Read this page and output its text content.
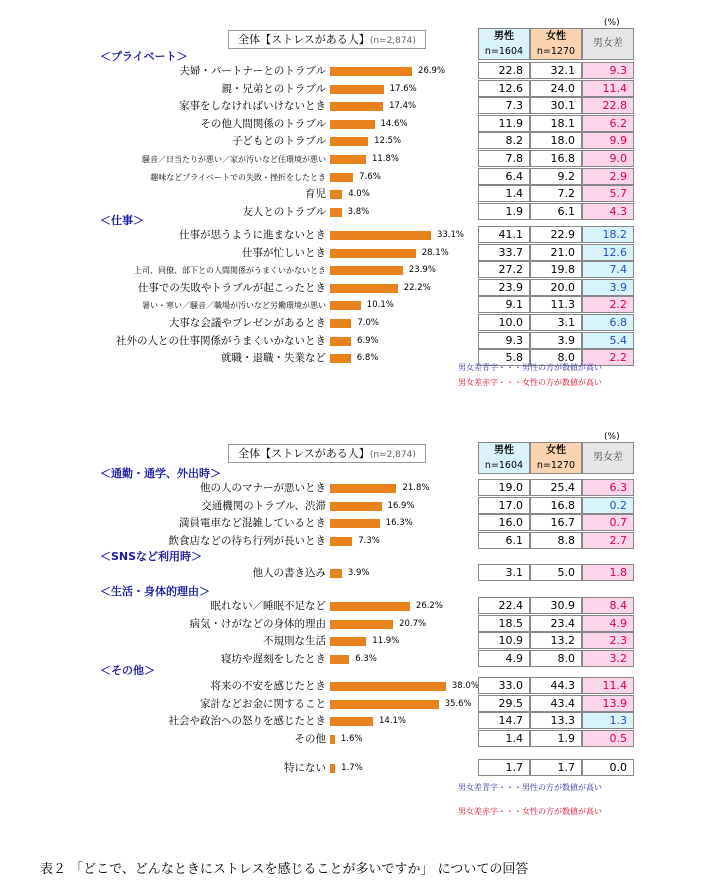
(%)
全体【ストレスがある人】(n=2,874)	男性
n=1604
女性
n=1270
男女差
＜プライベート＞
夫婦・パートナーとのトラブル	26.9%	22.8	32.1	9.3
親・兄弟とのトラブル	17.6%	12.6	24.0	11.4
家事をしなければいけないとき	17.4%	7.3	30.1	22.8
その他人間関係のトラブル	14.6%	11.9	18.1	6.2
子どもとのトラブル	12.5%	8.2	18.0	9.9
騒音／日当たりが悪い／家が汚いなど住環境が悪い	11.8%	7.8	16.8	9.0
趣味などプライベートでの失敗・挫折をしたとき	7.6%	6.4	9.2	2.9
育児	4.0%	1.4	7.2	5.7
友人とのトラブル	3.8%	1.9	6.1	4.3
＜仕事＞
仕事が思うように進まないとき	33.1%	41.1	22.9	18.2
仕事が忙しいとき	28.1%	33.7	21.0	12.6
上司、同僚、部下との人間関係がうまくいかないとき	23.9%	27.2	19.8	7.4
仕事での失敗やトラブルが起こったとき	22.2%	23.9	20.0	3.9
暑い・寒い／騒音／職場が汚いなど労働環境が悪い	10.1%	9.1	11.3	2.2
大事な会議やプレゼンがあるとき	7.0%	10.0	3.1	6.8
社外の人との仕事関係がうまくいかないとき	6.9%	9.3	3.9	5.4
就職・退職・失業など	6.8%	5.8	8.0	2.2
男女差青字・・・男性の方が数値が高い
男女差赤字・・・女性の方が数値が高い
(%)
全体【ストレスがある人】(n=2,874)	男性
n=1604
女性
n=1270
男女差
＜通勤・通学、外出時＞
他の人のマナーが悪いとき	21.8%	19.0	25.4	6.3
交通機関のトラブル、渋滞	16.9%	17.0	16.8	0.2
満員電車など混雑しているとき	16.3%	16.0	16.7	0.7
飲食店などの待ち行列が長いとき	7.3%	6.1	8.8	2.7
＜SNSなど利用時＞
他人の書き込み	3.9%	3.1	5.0	1.8
＜生活・身体的理由＞
眠れない／睡眠不足など	26.2%	22.4	30.9	8.4
病気・けがなどの身体的理由	20.7%	18.5	23.4	4.9
不規則な生活	11.9%	10.9	13.2	2.3
寝坊や遅刻をしたとき	6.3%	4.9	8.0	3.2
＜その他＞
将来の不安を感じたとき	38.0%	33.0	44.3	11.4
家計などお金に関すること	35.6%	29.5	43.4	13.9
社会や政治への怒りを感じたとき	14.1%	14.7	13.3	1.3
その他 1.6%	1.4	1.9	0.5
特にない 1.7%	1.7	1.7	0.0
男女差青字・・・男性の方が数値が高い
男女差赤字・・・女性の方が数値が高い
表２ 「どこで、どんなときにストレスを感じることが多いですか」 についての回答
